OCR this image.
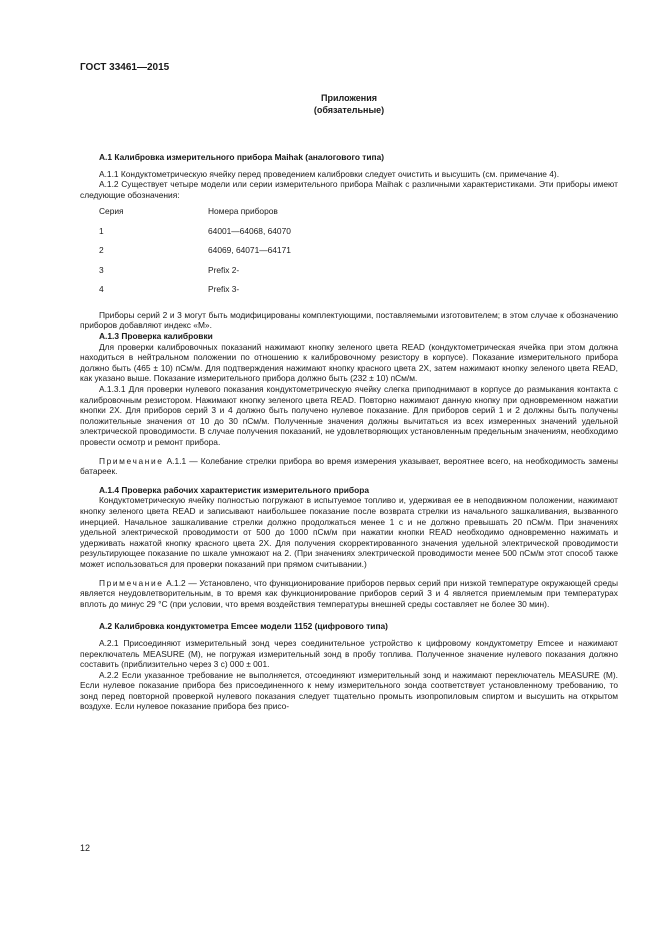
ГОСТ 33461—2015
Приложения
(обязательные)

А.1 Калибровка измерительного прибора Maihak (аналогового типа)

А.1.1 Кондуктометрическую ячейку перед проведением калибровки следует очистить и высушить (см. примечание 4).

А.1.2 Существует четыре модели или серии измерительного прибора Maihak с различными характеристиками. Эти приборы имеют следующие обозначения:

Серия	Номера приборов
1	64001—64068, 64070
2	64069, 64071—64171
3	Prefix 2-
4	Prefix 3-

Приборы серий 2 и 3 могут быть модифицированы комплектующими, поставляемыми изготовителем; в этом случае к обозначению приборов добавляют индекс «М».

А.1.3 Проверка калибровки

Для проверки калибровочных показаний нажимают кнопку зеленого цвета READ (кондуктометрическая ячейка при этом должна находиться в нейтральном положении по отношению к калибровочному резистору в корпусе). Показание измерительного прибора должно быть (465 ± 10) пСм/м. Для подтверждения нажимают кнопку красного цвета 2Х, затем нажимают кнопку зеленого цвета READ, как указано выше. Показание измерительного прибора должно быть (232 ± 10) пСм/м.

А.1.3.1 Для проверки нулевого показания кондуктометрическую ячейку слегка приподнимают в корпусе до размыкания контакта с калибровочным резистором. Нажимают кнопку зеленого цвета READ. Повторно нажимают данную кнопку при одновременном нажатии кнопки 2Х. Для приборов серий 3 и 4 должно быть получено нулевое показание. Для приборов серий 1 и 2 должны быть получены положительные значения от 10 до 30 пСм/м. Полученные значения должны вычитаться из всех измеренных значений удельной электрической проводимости. В случае получения показаний, не удовлетворяющих установленным предельным значениям, необходимо провести осмотр и ремонт прибора.

Примечание А.1.1 — Колебание стрелки прибора во время измерения указывает, вероятнее всего, на необходимость замены батареек.

А.1.4 Проверка рабочих характеристик измерительного прибора

Кондуктометрическую ячейку полностью погружают в испытуемое топливо и, удерживая ее в неподвижном положении, нажимают кнопку зеленого цвета READ и записывают наибольшее показание после возврата стрелки из начального зашкаливания, вызванного инерцией. Начальное зашкаливание стрелки должно продолжаться менее 1 с и не должно превышать 20 пСм/м. При значениях удельной электрической проводимости от 500 до 1000 пСм/м при нажатии кнопки READ необходимо одновременно нажимать и удерживать нажатой кнопку красного цвета 2Х. Для получения скорректированного значения удельной электрической проводимости результирующее показание по шкале умножают на 2. (При значениях электрической проводимости менее 500 пСм/м этот способ также может использоваться для проверки показаний при прямом считывании.)

Примечание А.1.2 — Установлено, что функционирование приборов первых серий при низкой температуре окружающей среды является неудовлетворительным, в то время как функционирование приборов серий 3 и 4 является приемлемым при температурах вплоть до минус 29 °С (при условии, что время воздействия температуры внешней среды составляет не более 30 мин).

А.2 Калибровка кондуктометра Emcee модели 1152 (цифрового типа)

А.2.1 Присоединяют измерительный зонд через соединительное устройство к цифровому кондуктометру Emcee и нажимают переключатель MEASURE (М), не погружая измерительный зонд в пробу топлива. Полученное значение нулевого показания должно составить (приблизительно через 3 с) 000 ± 001.

А.2.2 Если указанное требование не выполняется, отсоединяют измерительный зонд и нажимают переключатель MEASURE (М). Если нулевое показание прибора без присоединенного к нему измерительного зонда соответствует установленному требованию, то зонд перед повторной проверкой нулевого показания следует тщательно промыть изопропиловым спиртом и высушить на открытом воздухе. Если нулевое показание прибора без присо-

12
